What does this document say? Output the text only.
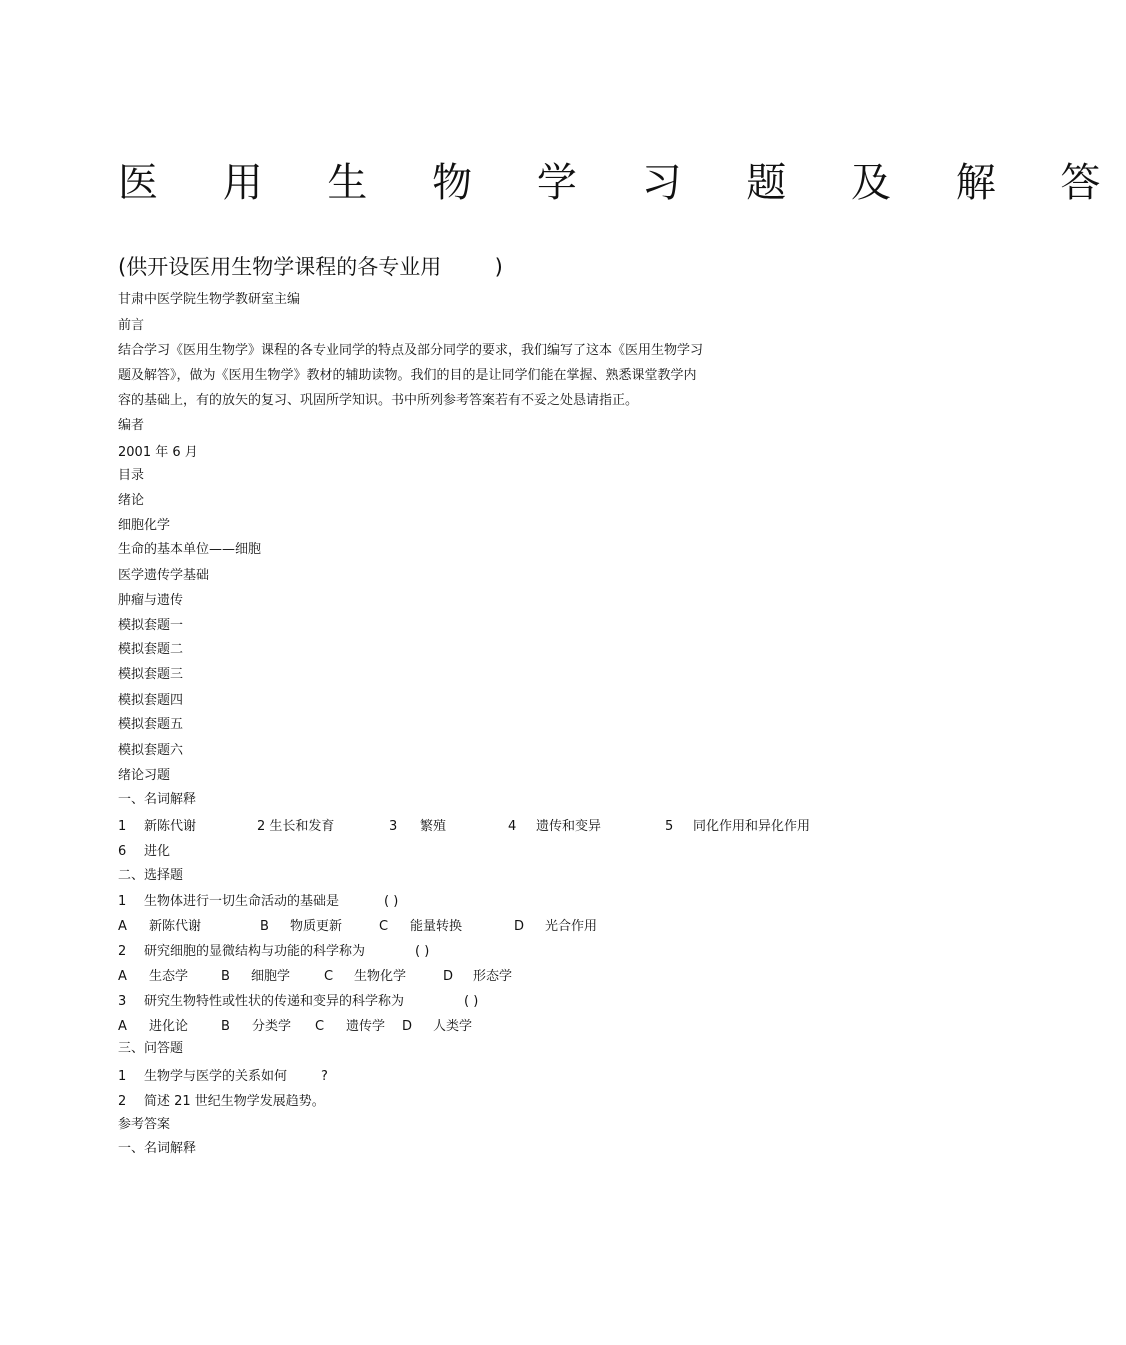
医 用 生 物 学 习 题 及 解 答
(供开设医用生物学课程的各专业用        )
甘肃中医学院生物学教研室主编
前言
结合学习《医用生物学》课程的各专业同学的特点及部分同学的要求，我们编写了这本《医用生物学习
题及解答》，做为《医用生物学》教材的辅助读物。我们的目的是让同学们能在掌握、熟悉课堂教学内
容的基础上，有的放矢的复习、巩固所学知识。书中所列参考答案若有不妥之处恳请指正。
编者
2001 年 6 月
目录
绪论
细胞化学
生命的基本单位——细胞
医学遗传学基础
肿瘤与遗传
模拟套题一
模拟套题二
模拟套题三
模拟套题四
模拟套题五
模拟套题六
绪论习题
一、名词解释
1 新陈代谢	2 生长和发育	3 繁殖	4 遗传和变异	5 同化作用和异化作用
6 进化
二、选择题
1 生物体进行一切生命活动的基础是	( )
A 新陈代谢	B 物质更新	C 能量转换	D 光合作用
2 研究细胞的显微结构与功能的科学称为	( )
A 生态学	B 细胞学	C 生物化学	D 形态学
3 研究生物特性或性状的传递和变异的科学称为	( )
A 进化论	B 分类学 C 遗传学 D 人类学
三、问答题
1 生物学与医学的关系如何	?
2 简述 21 世纪生物学发展趋势。
参考答案
一、名词解释
